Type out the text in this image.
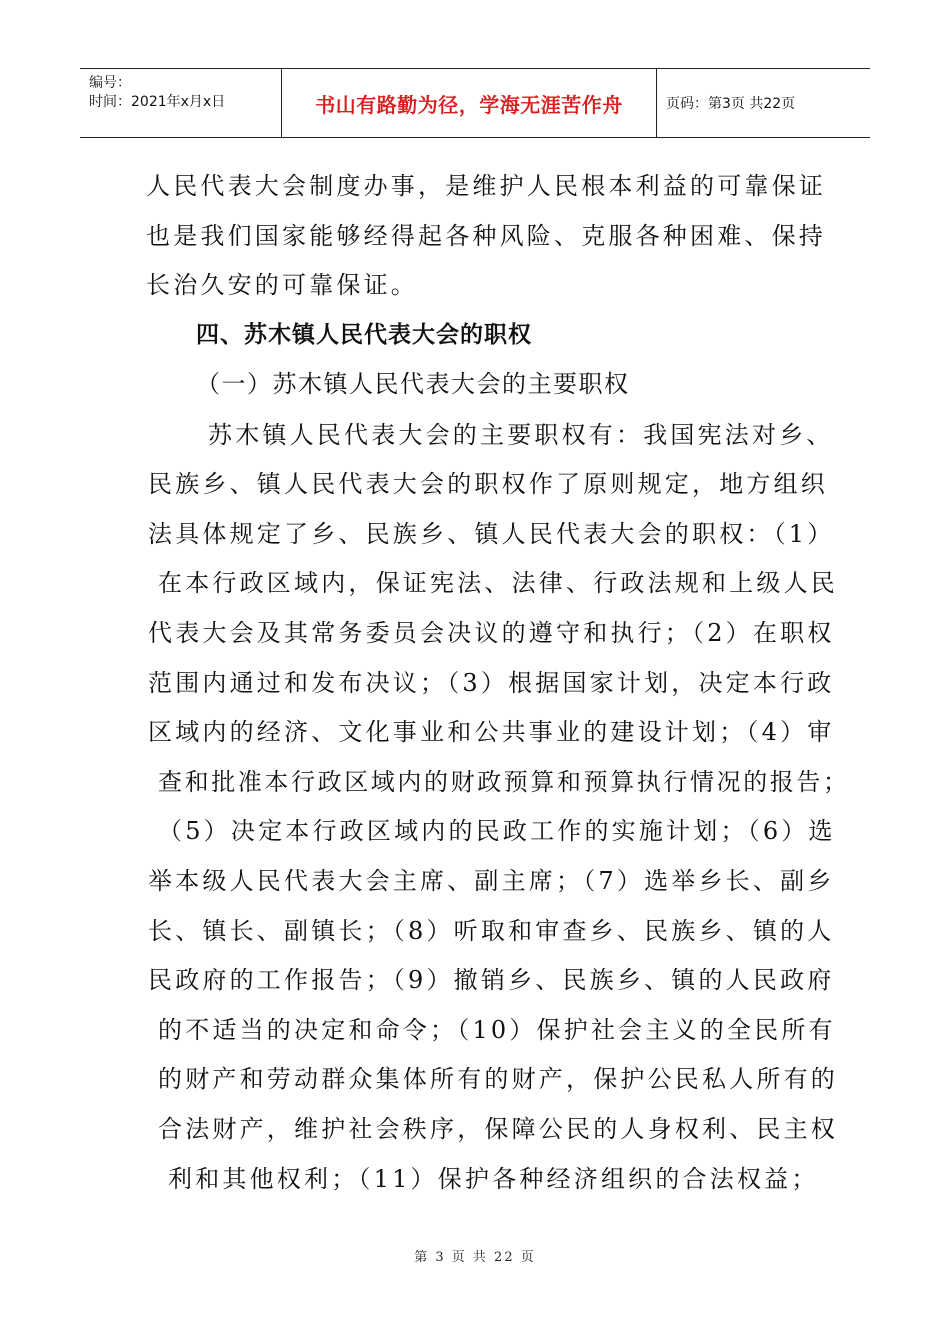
编号：
时间：2021年x月x日	书山有路勤为径，学海无涯苦作舟	页码：第3页 共22页
人民代表大会制度办事，是维护人民根本利益的可靠保证
也是我们国家能够经得起各种风险、克服各种困难、保持
长治久安的可靠保证。
四、苏木镇人民代表大会的职权
（一）苏木镇人民代表大会的主要职权
苏木镇人民代表大会的主要职权有：我国宪法对乡、
民族乡、镇人民代表大会的职权作了原则规定，地方组织
法具体规定了乡、民族乡、镇人民代表大会的职权：（1）
在本行政区域内，保证宪法、法律、行政法规和上级人民
代表大会及其常务委员会决议的遵守和执行；（2）在职权
范围内通过和发布决议；（3）根据国家计划，决定本行政
区域内的经济、文化事业和公共事业的建设计划；（4）审
查和批准本行政区域内的财政预算和预算执行情况的报告；
（5）决定本行政区域内的民政工作的实施计划；（6）选
举本级人民代表大会主席、副主席；（7）选举乡长、副乡
长、镇长、副镇长；（8）听取和审查乡、民族乡、镇的人
民政府的工作报告；（9）撤销乡、民族乡、镇的人民政府
的不适当的决定和命令；（10）保护社会主义的全民所有
的财产和劳动群众集体所有的财产，保护公民私人所有的
合法财产，维护社会秩序，保障公民的人身权利、民主权
利和其他权利；（11）保护各种经济组织的合法权益；
第 3 页 共 22 页
